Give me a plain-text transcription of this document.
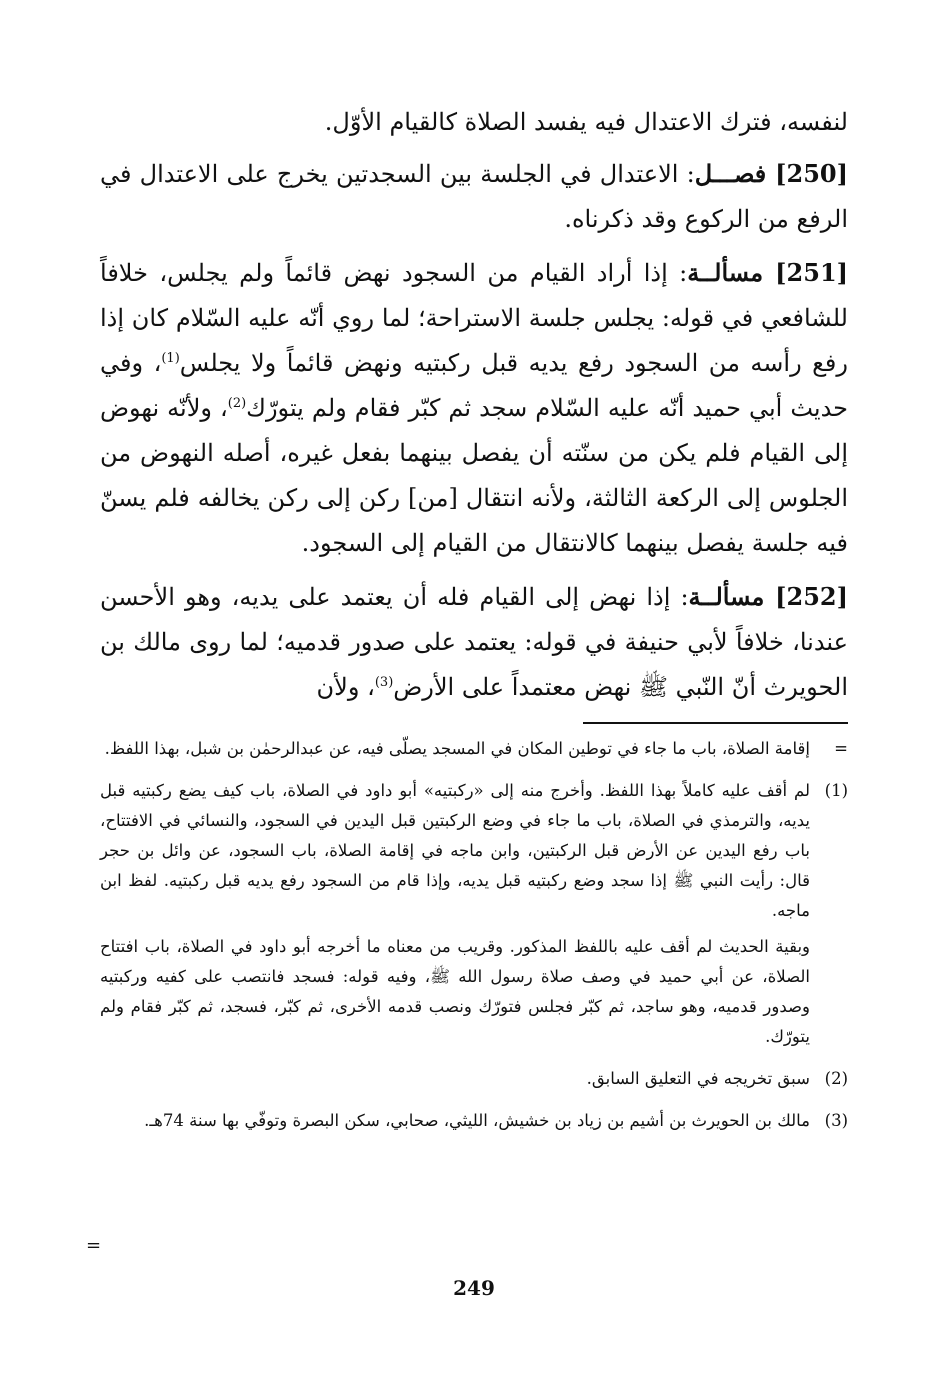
لنفسه، فترك الاعتدال فيه يفسد الصلاة كالقيام الأوّل.

[250] فصـــل: الاعتدال في الجلسة بين السجدتين يخرج على الاعتدال في الرفع من الركوع وقد ذكرناه.

[251] مسألــة: إذا أراد القيام من السجود نهض قائماً ولم يجلس، خلافاً للشافعي في قوله: يجلس جلسة الاستراحة؛ لما روي أنّه عليه السّلام كان إذا رفع رأسه من السجود رفع يديه قبل ركبتيه ونهض قائماً ولا يجلس$^{(1)}$، وفي حديث أبي حميد أنّه عليه السّلام سجد ثم كبّر فقام ولم يتورّك$^{(2)}$، ولأنّه نهوض إلى القيام فلم يكن من سنّته أن يفصل بينهما بفعل غيره، أصله النهوض من الجلوس إلى الركعة الثالثة، ولأنه انتقال [من] ركن إلى ركن يخالفه فلم يسنّ فيه جلسة يفصل بينهما كالانتقال من القيام إلى السجود.

[252] مسألــة: إذا نهض إلى القيام فله أن يعتمد على يديه، وهو الأحسن عندنا، خلافاً لأبي حنيفة في قوله: يعتمد على صدور قدميه؛ لما روى مالك بن الحويرث أنّ النّبي ﷺ نهض معتمداً على الأرض$^{(3)}$، ولأن

=

إقامة الصلاة، باب ما جاء في توطين المكان في المسجد يصلّى فيه، عن عبدالرحمٰن بن شبل، بهذا اللفظ.

(1)

لم أقف عليه كاملاً بهذا اللفظ. وأخرج منه إلى «ركبتيه» أبو داود في الصلاة، باب كيف يضع ركبتيه قبل يديه، والترمذي في الصلاة، باب ما جاء في وضع الركبتين قبل اليدين في السجود، والنسائي في الافتتاح، باب رفع اليدين عن الأرض قبل الركبتين، وابن ماجه في إقامة الصلاة، باب السجود، عن وائل بن حجر قال: رأيت النبي ﷺ إذا سجد وضع ركبتيه قبل يديه، وإذا قام من السجود رفع يديه قبل ركبتيه. لفظ ابن ماجه.

وبقية الحديث لم أقف عليه باللفظ المذكور. وقريب من معناه ما أخرجه أبو داود في الصلاة، باب افتتاح الصلاة، عن أبي حميد في وصف صلاة رسول الله ﷺ، وفيه قوله: فسجد فانتصب على كفيه وركبتيه وصدور قدميه، وهو ساجد، ثم كبّر فجلس فتورّك ونصب قدمه الأخرى، ثم كبّر، فسجد، ثم كبّر فقام ولم يتورّك.

(2)

سبق تخريجه في التعليق السابق.

(3)

مالك بن الحويرث بن أشيم بن زياد بن خشيش، الليثي، صحابي، سكن البصرة وتوفّي بها سنة 74هـ.

=
249
